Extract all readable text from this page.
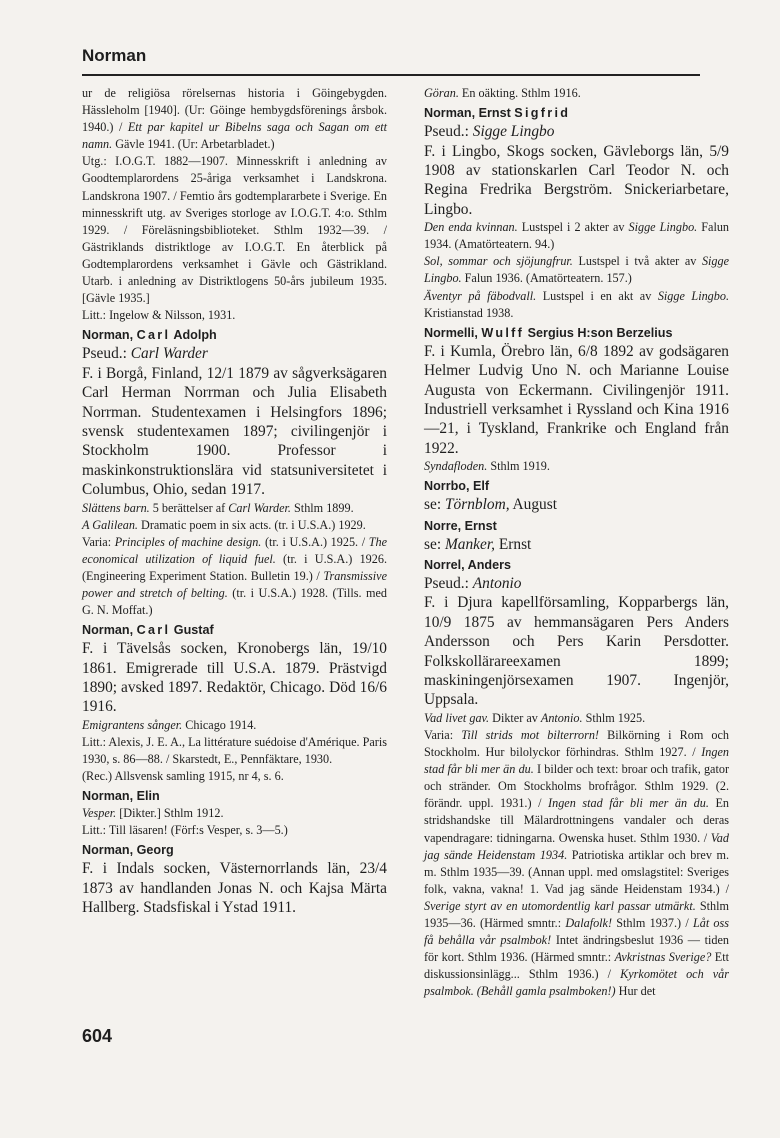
Norman

ur de religiösa rörelsernas historia i Göingebygden. Hässleholm [1940]. (Ur: Göinge hembygdsförenings årsbok. 1940.) / Ett par kapitel ur Bibelns saga och Sagan om ett namn. Gävle 1941. (Ur: Arbetarbladet.)

Utg.: I.O.G.T. 1882—1907. Minnesskrift i anledning av Goodtemplarordens 25-åriga verksamhet i Landskrona. Landskrona 1907. / Femtio års godtemplararbete i Sverige. En minnesskrift utg. av Sveriges storloge av I.O.G.T. 4:o. Sthlm 1929. / Föreläsningsbiblioteket. Sthlm 1932—39. / Gästriklands distriktloge av I.O.G.T. En återblick på Godtemplarordens verksamhet i Gävle och Gästrikland. Utarb. i anledning av Distriktlogens 50-års jubileum 1935. [Gävle 1935.]

Litt.: Ingelow & Nilsson, 1931.

Norman, Carl Adolph

Pseud.: Carl Warder

F. i Borgå, Finland, 12/1 1879 av sågverksägaren Carl Herman Norrman och Julia Elisabeth Norrman. Studentexamen i Helsingfors 1896; svensk studentexamen 1897; civilingenjör i Stockholm 1900. Professor i maskinkonstruktionslära vid statsuniversitetet i Columbus, Ohio, sedan 1917.

Slättens barn. 5 berättelser af Carl Warder. Sthlm 1899.

A Galilean. Dramatic poem in six acts. (tr. i U.S.A.) 1929.

Varia: Principles of machine design. (tr. i U.S.A.) 1925. / The economical utilization of liquid fuel. (tr. i U.S.A.) 1926. (Engineering Experiment Station. Bulletin 19.) / Transmissive power and stretch of belting. (tr. i U.S.A.) 1928. (Tills. med G. N. Moffat.)

Norman, Carl Gustaf

F. i Tävelsås socken, Kronobergs län, 19/10 1861. Emigrerade till U.S.A. 1879. Prästvigd 1890; avsked 1897. Redaktör, Chicago. Död 16/6 1916.

Emigrantens sånger. Chicago 1914.

Litt.: Alexis, J. E. A., La littérature suédoise d'Amérique. Paris 1930, s. 86—88. / Skarstedt, E., Pennfäktare, 1930.

(Rec.) Allsvensk samling 1915, nr 4, s. 6.

Norman, Elin

Vesper. [Dikter.] Sthlm 1912.

Litt.: Till läsaren! (Förf:s Vesper, s. 3—5.)

Norman, Georg

F. i Indals socken, Västernorrlands län, 23/4 1873 av handlanden Jonas N. och Kajsa Märta Hallberg. Stadsfiskal i Ystad 1911.

Göran. En oäkting. Sthlm 1916.

Norman, Ernst Sigfrid

Pseud.: Sigge Lingbo

F. i Lingbo, Skogs socken, Gävleborgs län, 5/9 1908 av stationskarlen Carl Teodor N. och Regina Fredrika Bergström. Snickeriarbetare, Lingbo.

Den enda kvinnan. Lustspel i 2 akter av Sigge Lingbo. Falun 1934. (Amatörteatern. 94.)

Sol, sommar och sjöjungfrur. Lustspel i två akter av Sigge Lingbo. Falun 1936. (Amatörteatern. 157.)

Äventyr på fäbodvall. Lustspel i en akt av Sigge Lingbo. Kristianstad 1938.

Normelli, Wulff Sergius H:son Berzelius

F. i Kumla, Örebro län, 6/8 1892 av godsägaren Helmer Ludvig Uno N. och Marianne Louise Augusta von Eckermann. Civilingenjör 1911. Industriell verksamhet i Ryssland och Kina 1916—21, i Tyskland, Frankrike och England från 1922.

Syndafloden. Sthlm 1919.

Norrbo, Elf

se: Törnblom, August

Norre, Ernst

se: Manker, Ernst

Norrel, Anders

Pseud.: Antonio

F. i Djura kapellförsamling, Kopparbergs län, 10/9 1875 av hemmansägaren Pers Anders Andersson och Pers Karin Persdotter. Folkskollärareexamen 1899; maskiningenjörsexamen 1907. Ingenjör, Uppsala.

Vad livet gav. Dikter av Antonio. Sthlm 1925.

Varia: Till strids mot bilterrorn! Bilkörning i Rom och Stockholm. Hur bilolyckor förhindras. Sthlm 1927. / Ingen stad får bli mer än du. I bilder och text: broar och trafik, gator och stränder. Om Stockholms brofrågor. Sthlm 1929. (2. förändr. uppl. 1931.) / Ingen stad får bli mer än du. En stridshandske till Mälardrottningens vandaler och deras vapendragare: tidningarna. Owenska huset. Sthlm 1930. / Vad jag sände Heidenstam 1934. Patriotiska artiklar och brev m. m. Sthlm 1935—39. (Annan uppl. med omslagstitel: Sveriges folk, vakna, vakna! 1. Vad jag sände Heidenstam 1934.) / Sverige styrt av en utomordentlig karl passar utmärkt. Sthlm 1935—36. (Härmed smntr.: Dalafolk! Sthlm 1937.) / Låt oss få behålla vår psalmbok! Intet ändringsbeslut 1936 — tiden för kort. Sthlm 1936. (Härmed smntr.: Avkristnas Sverige? Ett diskussionsinlägg... Sthlm 1936.) / Kyrkomötet och vår psalmbok. (Behåll gamla psalmboken!) Hur det

604
